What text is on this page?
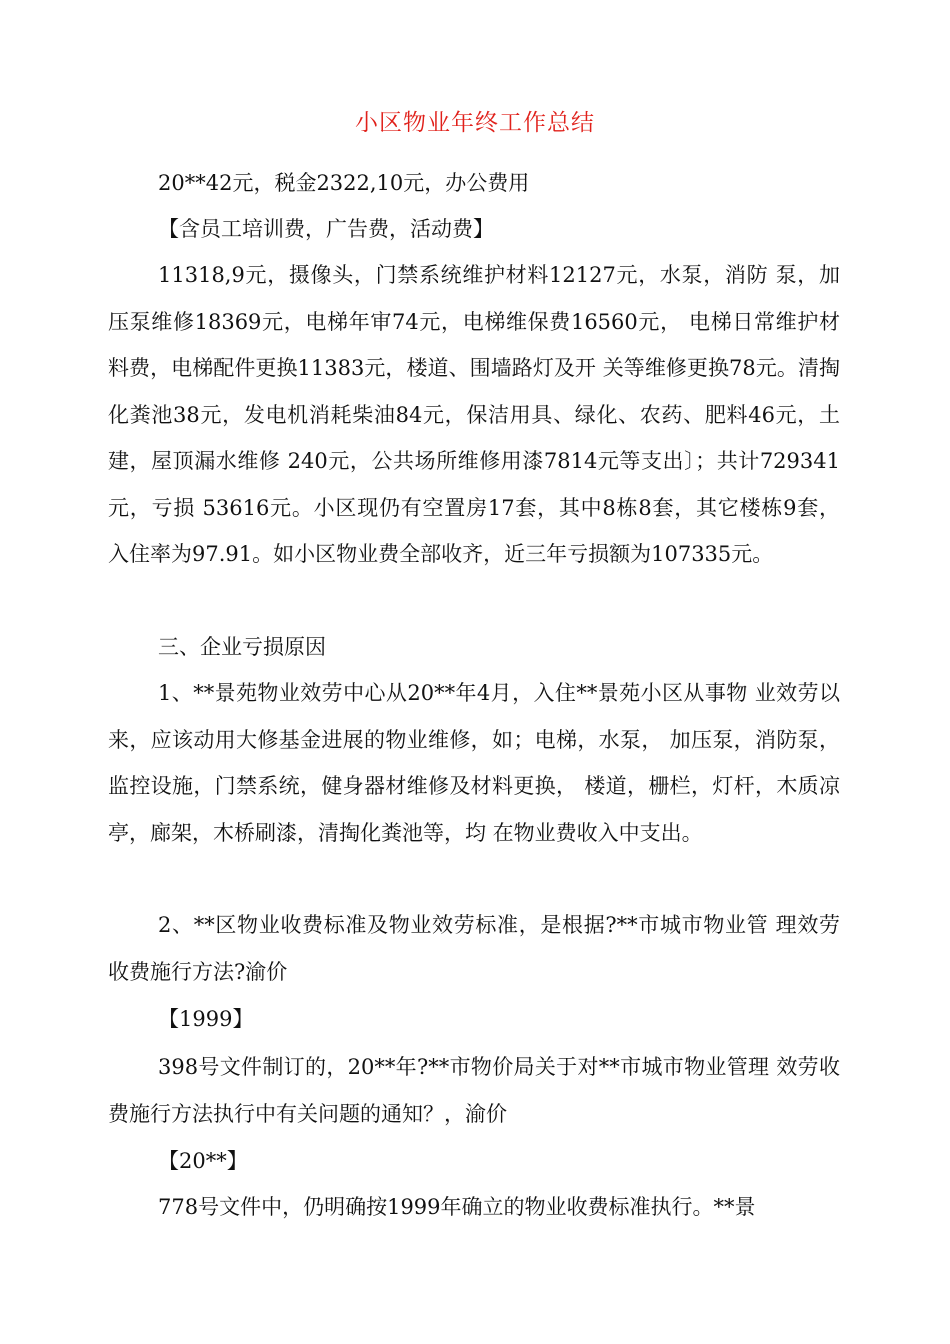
小区物业年终工作总结

20**42元，税金2322,10元，办公费用

【含员工培训费，广告费，活动费】

11318,9元，摄像头，门禁系统维护材料12127元，水泵，消防 泵，加压泵维修18369元，电梯年审74元，电梯维保费16560元， 电梯日常维护材料费，电梯配件更换11383元，楼道、围墙路灯及开 关等维修更换78元。清掏化粪池38元，发电机消耗柴油84元，保洁用具、绿化、农药、肥料46元，土建，屋顶漏水维修 240元，公共场所维修用漆7814元等支出〕；共计729341元，亏损 53616元。小区现仍有空置房17套，其中8栋8套，其它楼栋9套， 入住率为97.91。如小区物业费全部收齐，近三年亏损额为107335元。

三、企业亏损原因

1、**景苑物业效劳中心从20**年4月，入住**景苑小区从事物 业效劳以来，应该动用大修基金进展的物业维修，如；电梯，水泵， 加压泵，消防泵，监控设施，门禁系统，健身器材维修及材料更换， 楼道，栅栏，灯杆，木质凉亭，廊架，木桥刷漆，清掏化粪池等，均 在物业费收入中支出。

2、**区物业收费标准及物业效劳标准，是根据?**市城市物业管 理效劳收费施行方法?渝价

【1999】

398号文件制订的，20**年?**市物价局关于对**市城市物业管理 效劳收费施行方法执行中有关问题的通知？，渝价

【20**】

778号文件中，仍明确按1999年确立的物业收费标准执行。**景
